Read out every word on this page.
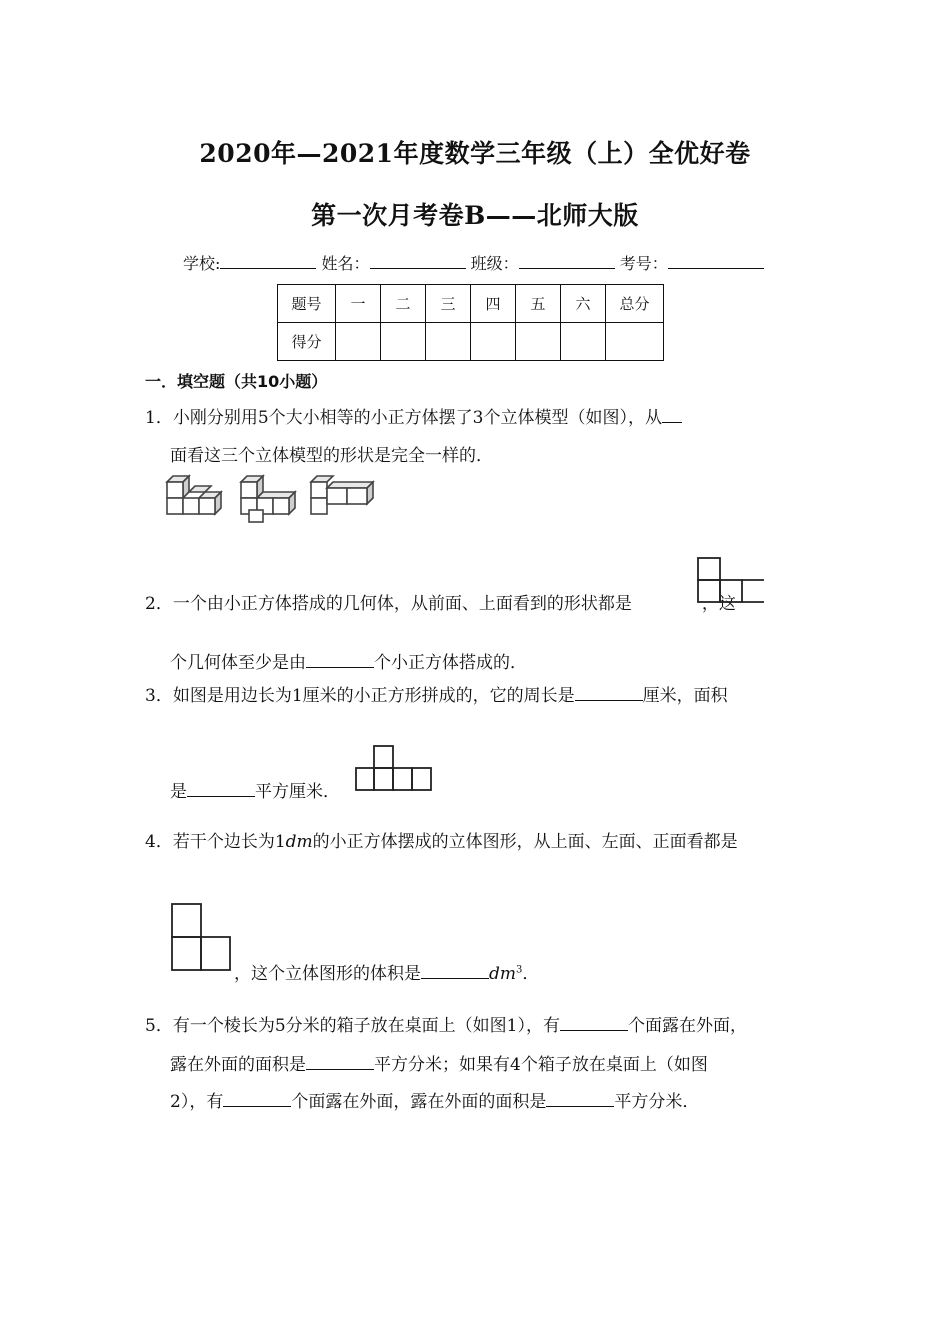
2020年—2021年度数学三年级（上）全优好卷
第一次月考卷B——北师大版
学校:	姓名：	班级：	考号：
题号	一	二	三	四	五	六	总分
得分							
一．填空题（共10小题）
1．小刚分别用5个大小相等的小正方体摆了3个立体模型（如图），从
面看这三个立体模型的形状是完全一样的．
2．一个由小正方体搭成的几何体，从前面、上面看到的形状都是	，这
个几何体至少是由	个小正方体搭成的．
3．如图是用边长为1厘米的小正方形拼成的，它的周长是	厘米，面积
是	平方厘米．
4．若干个边长为1dm的小正方体摆成的立体图形，从上面、左面、正面看都是
，这个立体图形的体积是	$dm^3$．
5．有一个棱长为5分米的箱子放在桌面上（如图1），有	个面露在外面，
露在外面的面积是	平方分米；如果有4个箱子放在桌面上（如图
2），有	个面露在外面，露在外面的面积是	平方分米．
